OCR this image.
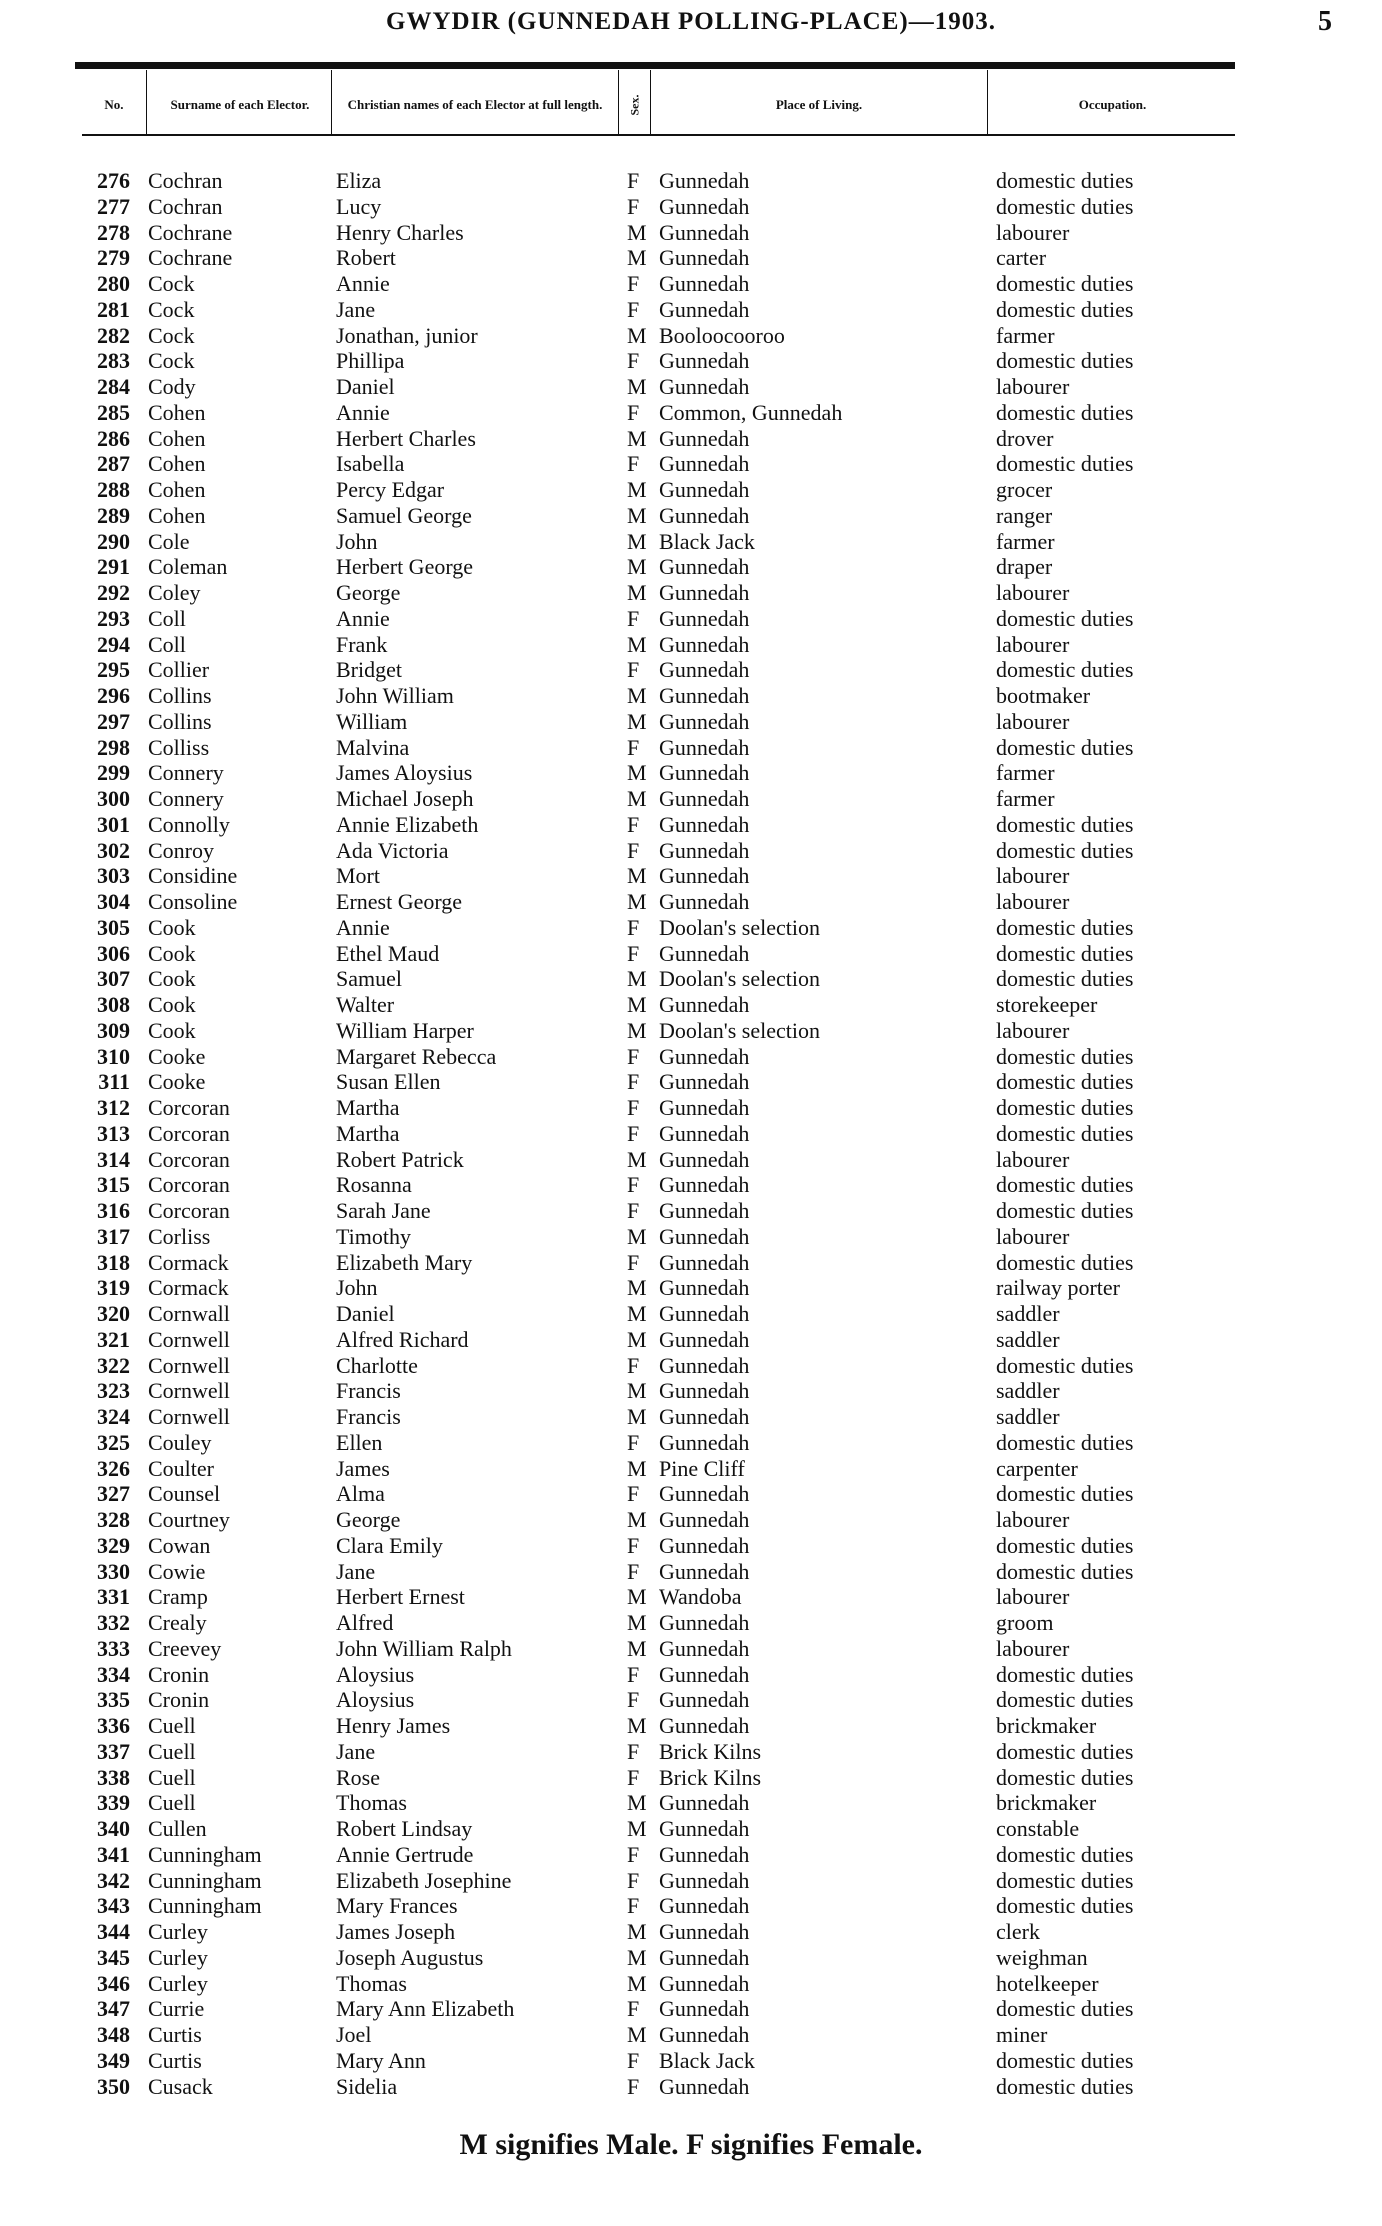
GWYDIR (GUNNEDAH POLLING-PLACE)—1903.	5
No.	Surname of each Elector.	Christian names of each Elector at full length.	Sex.	Place of Living.	Occupation.
276 Cochran	Eliza	F Gunnedah	domestic duties
277 Cochran	Lucy	F Gunnedah	domestic duties
278 Cochrane	Henry Charles	M Gunnedah	labourer
279 Cochrane	Robert	M Gunnedah	carter
280 Cock	Annie	F Gunnedah	domestic duties
281 Cock	Jane	F Gunnedah	domestic duties
282 Cock	Jonathan, junior	M Booloocooroo	farmer
283 Cock	Phillipa	F Gunnedah	domestic duties
284 Cody	Daniel	M Gunnedah	labourer
285 Cohen	Annie	F Common, Gunnedah	domestic duties
286 Cohen	Herbert Charles	M Gunnedah	drover
287 Cohen	Isabella	F Gunnedah	domestic duties
288 Cohen	Percy Edgar	M Gunnedah	grocer
289 Cohen	Samuel George	M Gunnedah	ranger
290 Cole	John	M Black Jack	farmer
291 Coleman	Herbert George	M Gunnedah	draper
292 Coley	George	M Gunnedah	labourer
293 Coll	Annie	F Gunnedah	domestic duties
294 Coll	Frank	M Gunnedah	labourer
295 Collier	Bridget	F Gunnedah	domestic duties
296 Collins	John William	M Gunnedah	bootmaker
297 Collins	William	M Gunnedah	labourer
298 Colliss	Malvina	F Gunnedah	domestic duties
299 Connery	James Aloysius	M Gunnedah	farmer
300 Connery	Michael Joseph	M Gunnedah	farmer
301 Connolly	Annie Elizabeth	F Gunnedah	domestic duties
302 Conroy	Ada Victoria	F Gunnedah	domestic duties
303 Considine	Mort	M Gunnedah	labourer
304 Consoline	Ernest George	M Gunnedah	labourer
305 Cook	Annie	F Doolan's selection	domestic duties
306 Cook	Ethel Maud	F Gunnedah	domestic duties
307 Cook	Samuel	M Doolan's selection	domestic duties
308 Cook	Walter	M Gunnedah	storekeeper
309 Cook	William Harper	M Doolan's selection	labourer
310 Cooke	Margaret Rebecca	F Gunnedah	domestic duties
311 Cooke	Susan Ellen	F Gunnedah	domestic duties
312 Corcoran	Martha	F Gunnedah	domestic duties
313 Corcoran	Martha	F Gunnedah	domestic duties
314 Corcoran	Robert Patrick	M Gunnedah	labourer
315 Corcoran	Rosanna	F Gunnedah	domestic duties
316 Corcoran	Sarah Jane	F Gunnedah	domestic duties
317 Corliss	Timothy	M Gunnedah	labourer
318 Cormack	Elizabeth Mary	F Gunnedah	domestic duties
319 Cormack	John	M Gunnedah	railway porter
320 Cornwall	Daniel	M Gunnedah	saddler
321 Cornwell	Alfred Richard	M Gunnedah	saddler
322 Cornwell	Charlotte	F Gunnedah	domestic duties
323 Cornwell	Francis	M Gunnedah	saddler
324 Cornwell	Francis	M Gunnedah	saddler
325 Couley	Ellen	F Gunnedah	domestic duties
326 Coulter	James	M Pine Cliff	carpenter
327 Counsel	Alma	F Gunnedah	domestic duties
328 Courtney	George	M Gunnedah	labourer
329 Cowan	Clara Emily	F Gunnedah	domestic duties
330 Cowie	Jane	F Gunnedah	domestic duties
331 Cramp	Herbert Ernest	M Wandoba	labourer
332 Crealy	Alfred	M Gunnedah	groom
333 Creevey	John William Ralph	M Gunnedah	labourer
334 Cronin	Aloysius	F Gunnedah	domestic duties
335 Cronin	Aloysius	F Gunnedah	domestic duties
336 Cuell	Henry James	M Gunnedah	brickmaker
337 Cuell	Jane	F Brick Kilns	domestic duties
338 Cuell	Rose	F Brick Kilns	domestic duties
339 Cuell	Thomas	M Gunnedah	brickmaker
340 Cullen	Robert Lindsay	M Gunnedah	constable
341 Cunningham	Annie Gertrude	F Gunnedah	domestic duties
342 Cunningham	Elizabeth Josephine	F Gunnedah	domestic duties
343 Cunningham	Mary Frances	F Gunnedah	domestic duties
344 Curley	James Joseph	M Gunnedah	clerk
345 Curley	Joseph Augustus	M Gunnedah	weighman
346 Curley	Thomas	M Gunnedah	hotelkeeper
347 Currie	Mary Ann Elizabeth	F Gunnedah	domestic duties
348 Curtis	Joel	M Gunnedah	miner
349 Curtis	Mary Ann	F Black Jack	domestic duties
350 Cusack	Sidelia	F Gunnedah	domestic duties
M signifies Male. F signifies Female.
